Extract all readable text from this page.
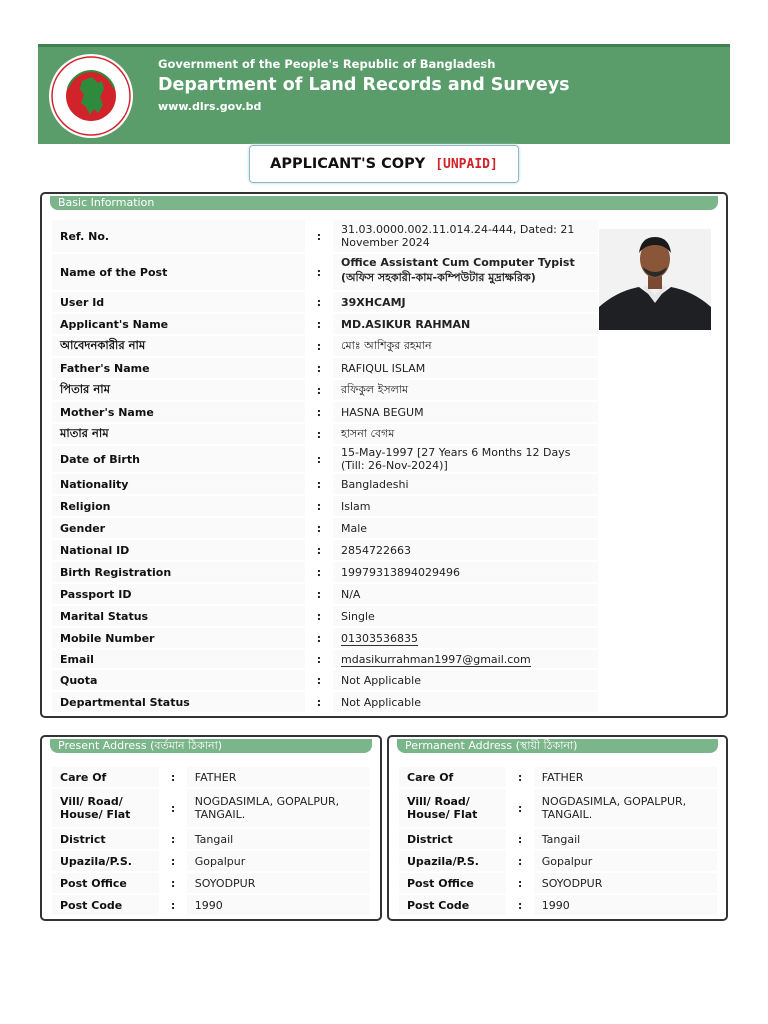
Government of the People's Republic of Bangladesh
Department of Land Records and Surveys
www.dlrs.gov.bd
APPLICANT'S COPY [UNPAID]
Basic Information
Ref. No.	:	31.03.0000.002.11.014.24-444, Dated: 21 November 2024
Name of the Post	:	Office Assistant Cum Computer Typist (অফিস সহকারী-কাম-কম্পিউটার মুদ্রাক্ষরিক)
User Id	:	39XHCAMJ
Applicant's Name	:	MD.ASIKUR RAHMAN
আবেদনকারীর নাম	:	মোঃ আশিকুর রহমান
Father's Name	:	RAFIQUL ISLAM
পিতার নাম	:	রফিকুল ইসলাম
Mother's Name	:	HASNA BEGUM
মাতার নাম	:	হাসনা বেগম
Date of Birth	:	15-May-1997 [27 Years 6 Months 12 Days (Till: 26-Nov-2024)]
Nationality	:	Bangladeshi
Religion	:	Islam
Gender	:	Male
National ID	:	2854722663
Birth Registration	:	19979313894029496
Passport ID	:	N/A
Marital Status	:	Single
Mobile Number	:	01303536835
Email	:	mdasikurrahman1997@gmail.com
Quota	:	Not Applicable
Departmental Status	:	Not Applicable
Present Address (বর্তমান ঠিকানা)
Care Of	:	FATHER
Vill/ Road/ House/ Flat	:	NOGDASIMLA, GOPALPUR, TANGAIL.
District	:	Tangail
Upazila/P.S.	:	Gopalpur
Post Office	:	SOYODPUR
Post Code	:	1990
Permanent Address (স্থায়ী ঠিকানা)
Care Of	:	FATHER
Vill/ Road/ House/ Flat	:	NOGDASIMLA, GOPALPUR, TANGAIL.
District	:	Tangail
Upazila/P.S.	:	Gopalpur
Post Office	:	SOYODPUR
Post Code	:	1990
